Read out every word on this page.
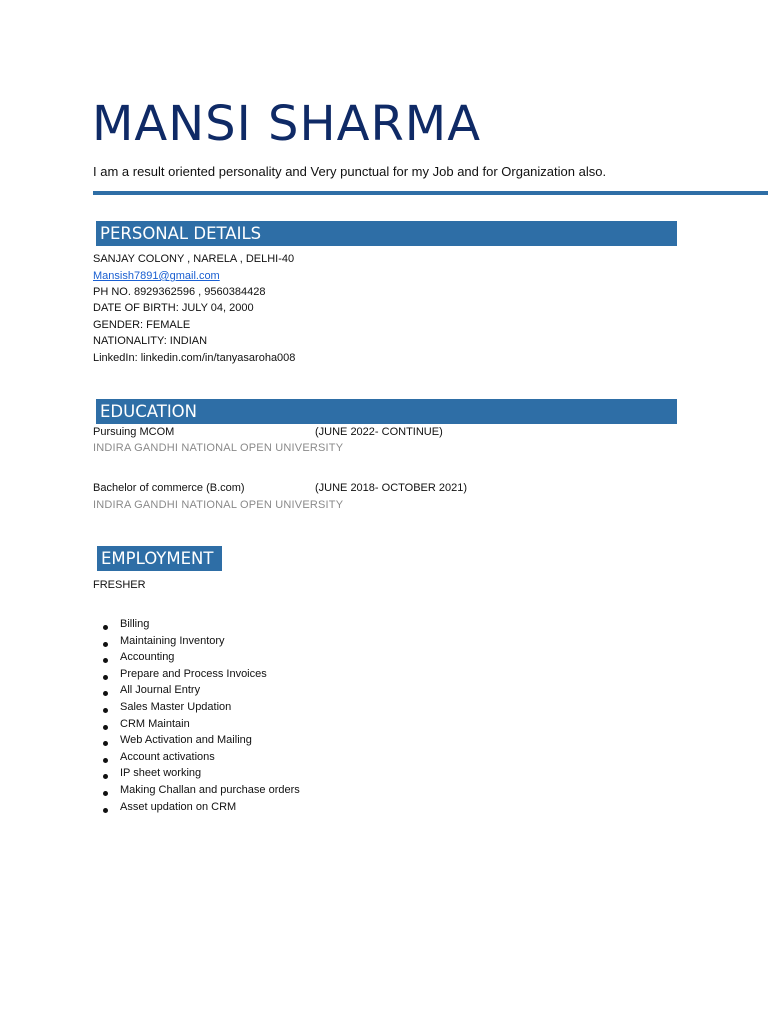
MANSI SHARMA
I am a result oriented personality and Very punctual for my Job and for Organization also.
PERSONAL DETAILS
SANJAY COLONY , NARELA , DELHI-40
Mansish7891@gmail.com
PH NO. 8929362596 , 9560384428
DATE OF BIRTH: JULY 04, 2000
GENDER: FEMALE
NATIONALITY: INDIAN
LinkedIn: linkedin.com/in/tanyasaroha008
EDUCATION
Pursuing MCOM	(JUNE 2022- CONTINUE)
INDIRA GANDHI NATIONAL OPEN UNIVERSITY
Bachelor of commerce (B.com)	(JUNE 2018- OCTOBER 2021)
INDIRA GANDHI NATIONAL OPEN UNIVERSITY
EMPLOYMENT
FRESHER
Billing
Maintaining Inventory
Accounting
Prepare and Process Invoices
All Journal Entry
Sales Master Updation
CRM Maintain
Web Activation and Mailing
Account activations
IP sheet working
Making Challan and purchase orders
Asset updation on CRM
